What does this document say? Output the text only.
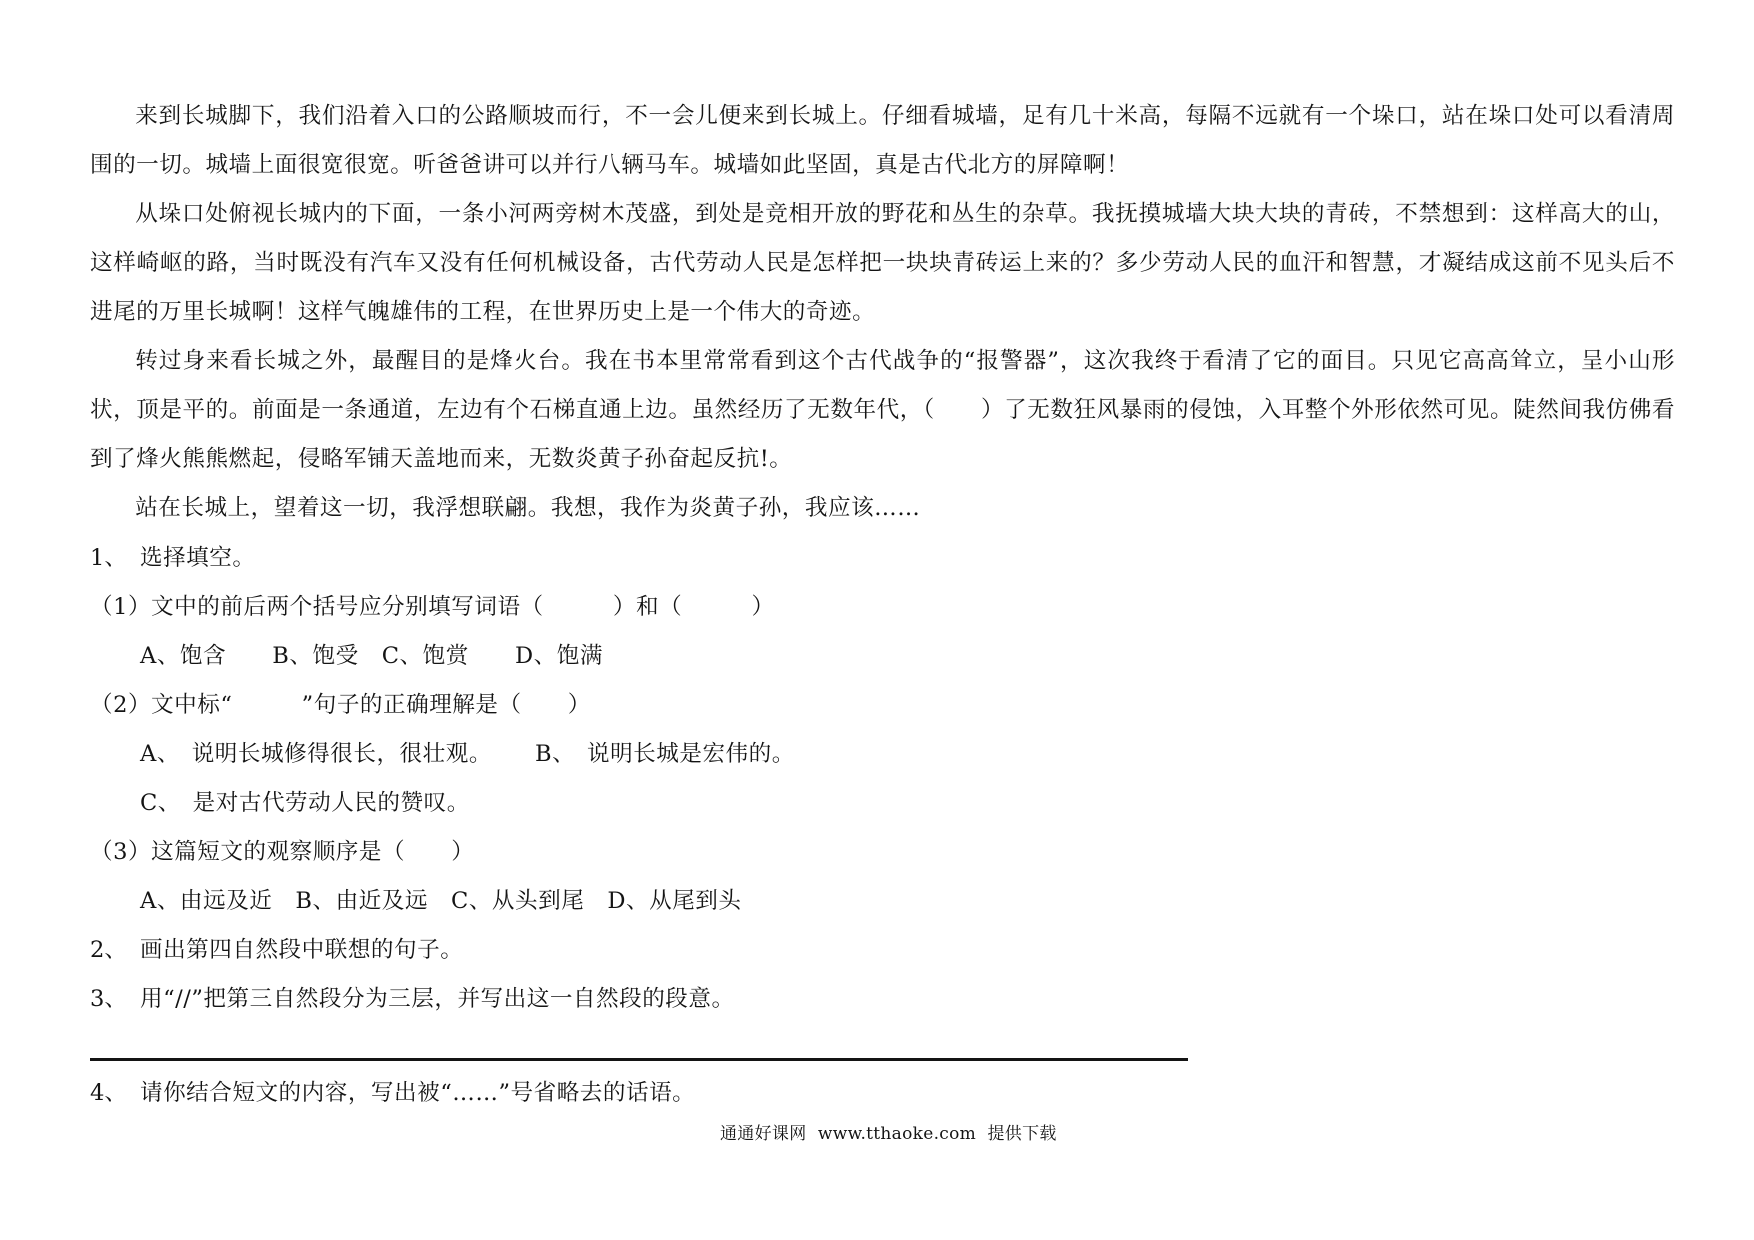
来到长城脚下，我们沿着入口的公路顺坡而行，不一会儿便来到长城上。仔细看城墙，足有几十米高，每隔不远就有一个垛口，站在垛口处可以看清周围的一切。城墙上面很宽很宽。听爸爸讲可以并行八辆马车。城墙如此坚固，真是古代北方的屏障啊！

从垛口处俯视长城内的下面，一条小河两旁树木茂盛，到处是竞相开放的野花和丛生的杂草。我抚摸城墙大块大块的青砖，不禁想到：这样高大的山，这样崎岖的路，当时既没有汽车又没有任何机械设备，古代劳动人民是怎样把一块块青砖运上来的？多少劳动人民的血汗和智慧，才凝结成这前不见头后不进尾的万里长城啊！这样气魄雄伟的工程，在世界历史上是一个伟大的奇迹。

转过身来看长城之外，最醒目的是烽火台。我在书本里常常看到这个古代战争的“报警器”，这次我终于看清了它的面目。只见它高高耸立，呈小山形状，顶是平的。前面是一条通道，左边有个石梯直通上边。虽然经历了无数年代，（　　）了无数狂风暴雨的侵蚀，入耳整个外形依然可见。陡然间我仿佛看到了烽火熊熊燃起，侵略军铺天盖地而来，无数炎黄子孙奋起反抗!。

站在长城上，望着这一切，我浮想联翩。我想，我作为炎黄子孙，我应该……

1、 选择填空。
（1）文中的前后两个括号应分别填写词语（　　　）和（　　　）
A、饱含　　B、饱受　C、饱赏　　D、饱满
（2）文中标“　　　”句子的正确理解是（　　）
A、　说明长城修得很长，很壮观。 B、　说明长城是宏伟的。
C、　是对古代劳动人民的赞叹。
（3）这篇短文的观察顺序是（　　）
A、由远及近　B、由近及远　C、从头到尾　D、从尾到头
2、 画出第四自然段中联想的句子。
3、 用“//”把第三自然段分为三层，并写出这一自然段的段意。
4、 请你结合短文的内容，写出被“……”号省略去的话语。
通通好课网  www.tthaoke.com  提供下载
